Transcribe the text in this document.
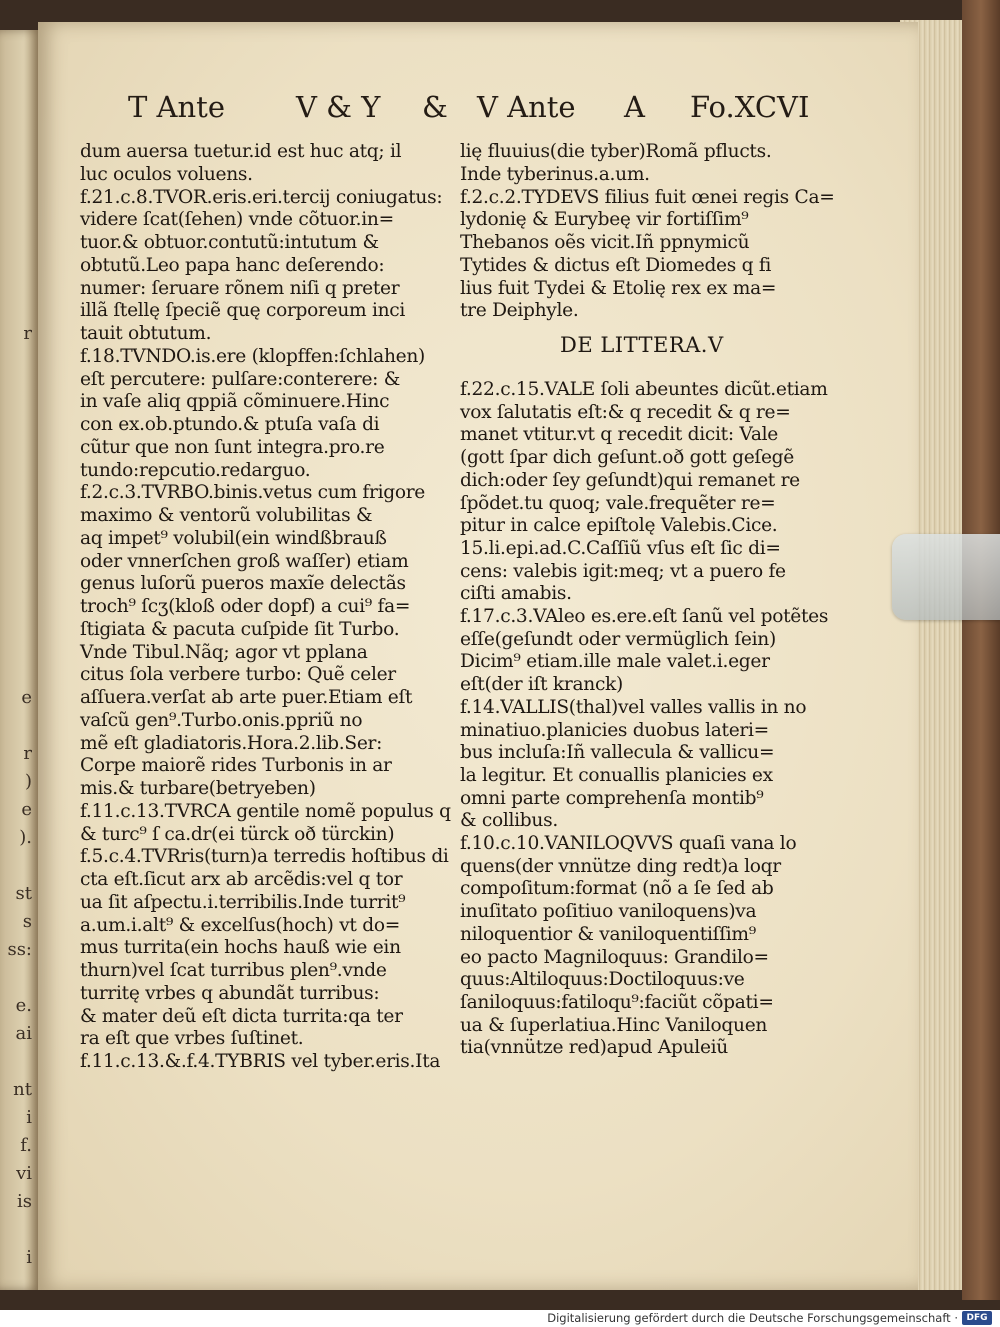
r
e
r
)
e
).
st
s
ss:
e.
ai
nt
i
f.
vi
is
i
T Ante V & Y & V Ante A Fo.XCVI
dum auersa tuetur.id est huc atq; il
luc oculos voluens.
f.21.c.8.TVOR.eris.eri.tercij coniugatus:
videre ſcat(ſehen) vnde cõtuor.in=
tuor.& obtuor.contutũ:intutum &
obtutũ.Leo papa hanc deſerendo:
numer: ſeruare rõnem niſi q preter
illã ſtellę ſpeciẽ quę corporeum inci
tauit obtutum.
f.18.TVNDO.is.ere (klopffen:ſchlahen)
eſt percutere: pulſare:conterere: &
in vaſe aliq qppiã cõminuere.Hinc
con ex.ob.ptundo.& ptuſa vaſa di
cũtur que non ſunt integra.pro.re
tundo:repcutio.redarguo.
f.2.c.3.TVRBO.binis.vetus cum frigore
maximo & ventorũ volubilitas &
aq impet⁹ volubil(ein windßbrauß
oder vnnerſchen groß waſſer) etiam
genus luſorũ pueros maxĩe delectãs
troch⁹ ſcʒ(kloß oder dopf) a cui⁹ fa=
ſtigiata & pacuta cuſpide ſit Turbo.
Vnde Tibul.Nãq; agor vt pplana
citus ſola verbere turbo: Quẽ celer
aſſuera.verſat ab arte puer.Etiam eſt
vaſcũ gen⁹.Turbo.onis.ppriũ no
mẽ eſt gladiatoris.Hora.2.lib.Ser:
Corpe maiorẽ rides Turbonis in ar
mis.& turbare(betryeben)
f.11.c.13.TVRCA gentile nomẽ populus q
& turc⁹ ſ ca.dr(ei türck oð türckin)
f.5.c.4.TVRris(turn)a terredis hoſtibus di
cta eſt.ſicut arx ab arcẽdis:vel q tor
ua ſit aſpectu.i.terribilis.Inde turrit⁹
a.um.i.alt⁹ & excelſus(hoch) vt do=
mus turrita(ein hochs hauß wie ein
thurn)vel ſcat turribus plen⁹.vnde
turritę vrbes q abundãt turribus:
& mater deũ eſt dicta turrita:qa ter
ra eſt que vrbes ſuſtinet.
f.11.c.13.&.f.4.TYBRIS vel tyber.eris.Ita
lię fluuius(die tyber)Romã pflucts.
Inde tyberinus.a.um.
f.2.c.2.TYDEVS filius fuit œnei regis Ca=
lydonię & Eurybeę vir fortiſſim⁹
Thebanos oẽs vicit.Iñ ppnymicũ
Tytides & dictus eſt Diomedes q fi
lius fuit Tydei & Etolię rex ex ma=
tre Deiphyle.
f.22.c.15.VALE ſoli abeuntes dicũt.etiam
vox ſalutatis eſt:& q recedit & q re=
manet vtitur.vt q recedit dicit: Vale
(gott ſpar dich geſunt.oð gott geſegẽ
dich:oder ſey geſundt)qui remanet re
ſpõdet.tu quoq; vale.frequẽter re=
pitur in calce epiſtolę Valebis.Cice.
15.li.epi.ad.C.Caſſiũ vſus eſt ſic di=
cens: valebis igit:meq; vt a puero fe
ciſti amabis.
f.17.c.3.VAleo es.ere.eſt ſanũ vel potẽtes
eſſe(geſundt oder vermüglich ſein)
Dicim⁹ etiam.ille male valet.i.eger
eſt(der iſt kranck)
f.14.VALLIS(thal)vel valles vallis in no
minatiuo.planicies duobus lateri=
bus incluſa:Iñ vallecula & vallicu=
la legitur. Et conuallis planicies ex
omni parte comprehenſa montib⁹
& collibus.
f.10.c.10.VANILOQVVS quaſi vana lo
quens(der vnnütze ding redt)a loqr
compoſitum:format (nõ a ſe ſed ab
inuſitato poſitiuo vaniloquens)va
niloquentior & vaniloquentiſſim⁹
eo pacto Magniloquus: Grandilo=
quus:Altiloquus:Doctiloquus:ve
ſaniloquus:fatiloqu⁹:faciũt cõpati=
ua & ſuperlatiua.Hinc Vaniloquen
tia(vnnütze red)apud Apuleiũ
DE LITTERA.V
Digitalisierung gefördert durch die Deutsche Forschungsgemeinschaft · DFG
